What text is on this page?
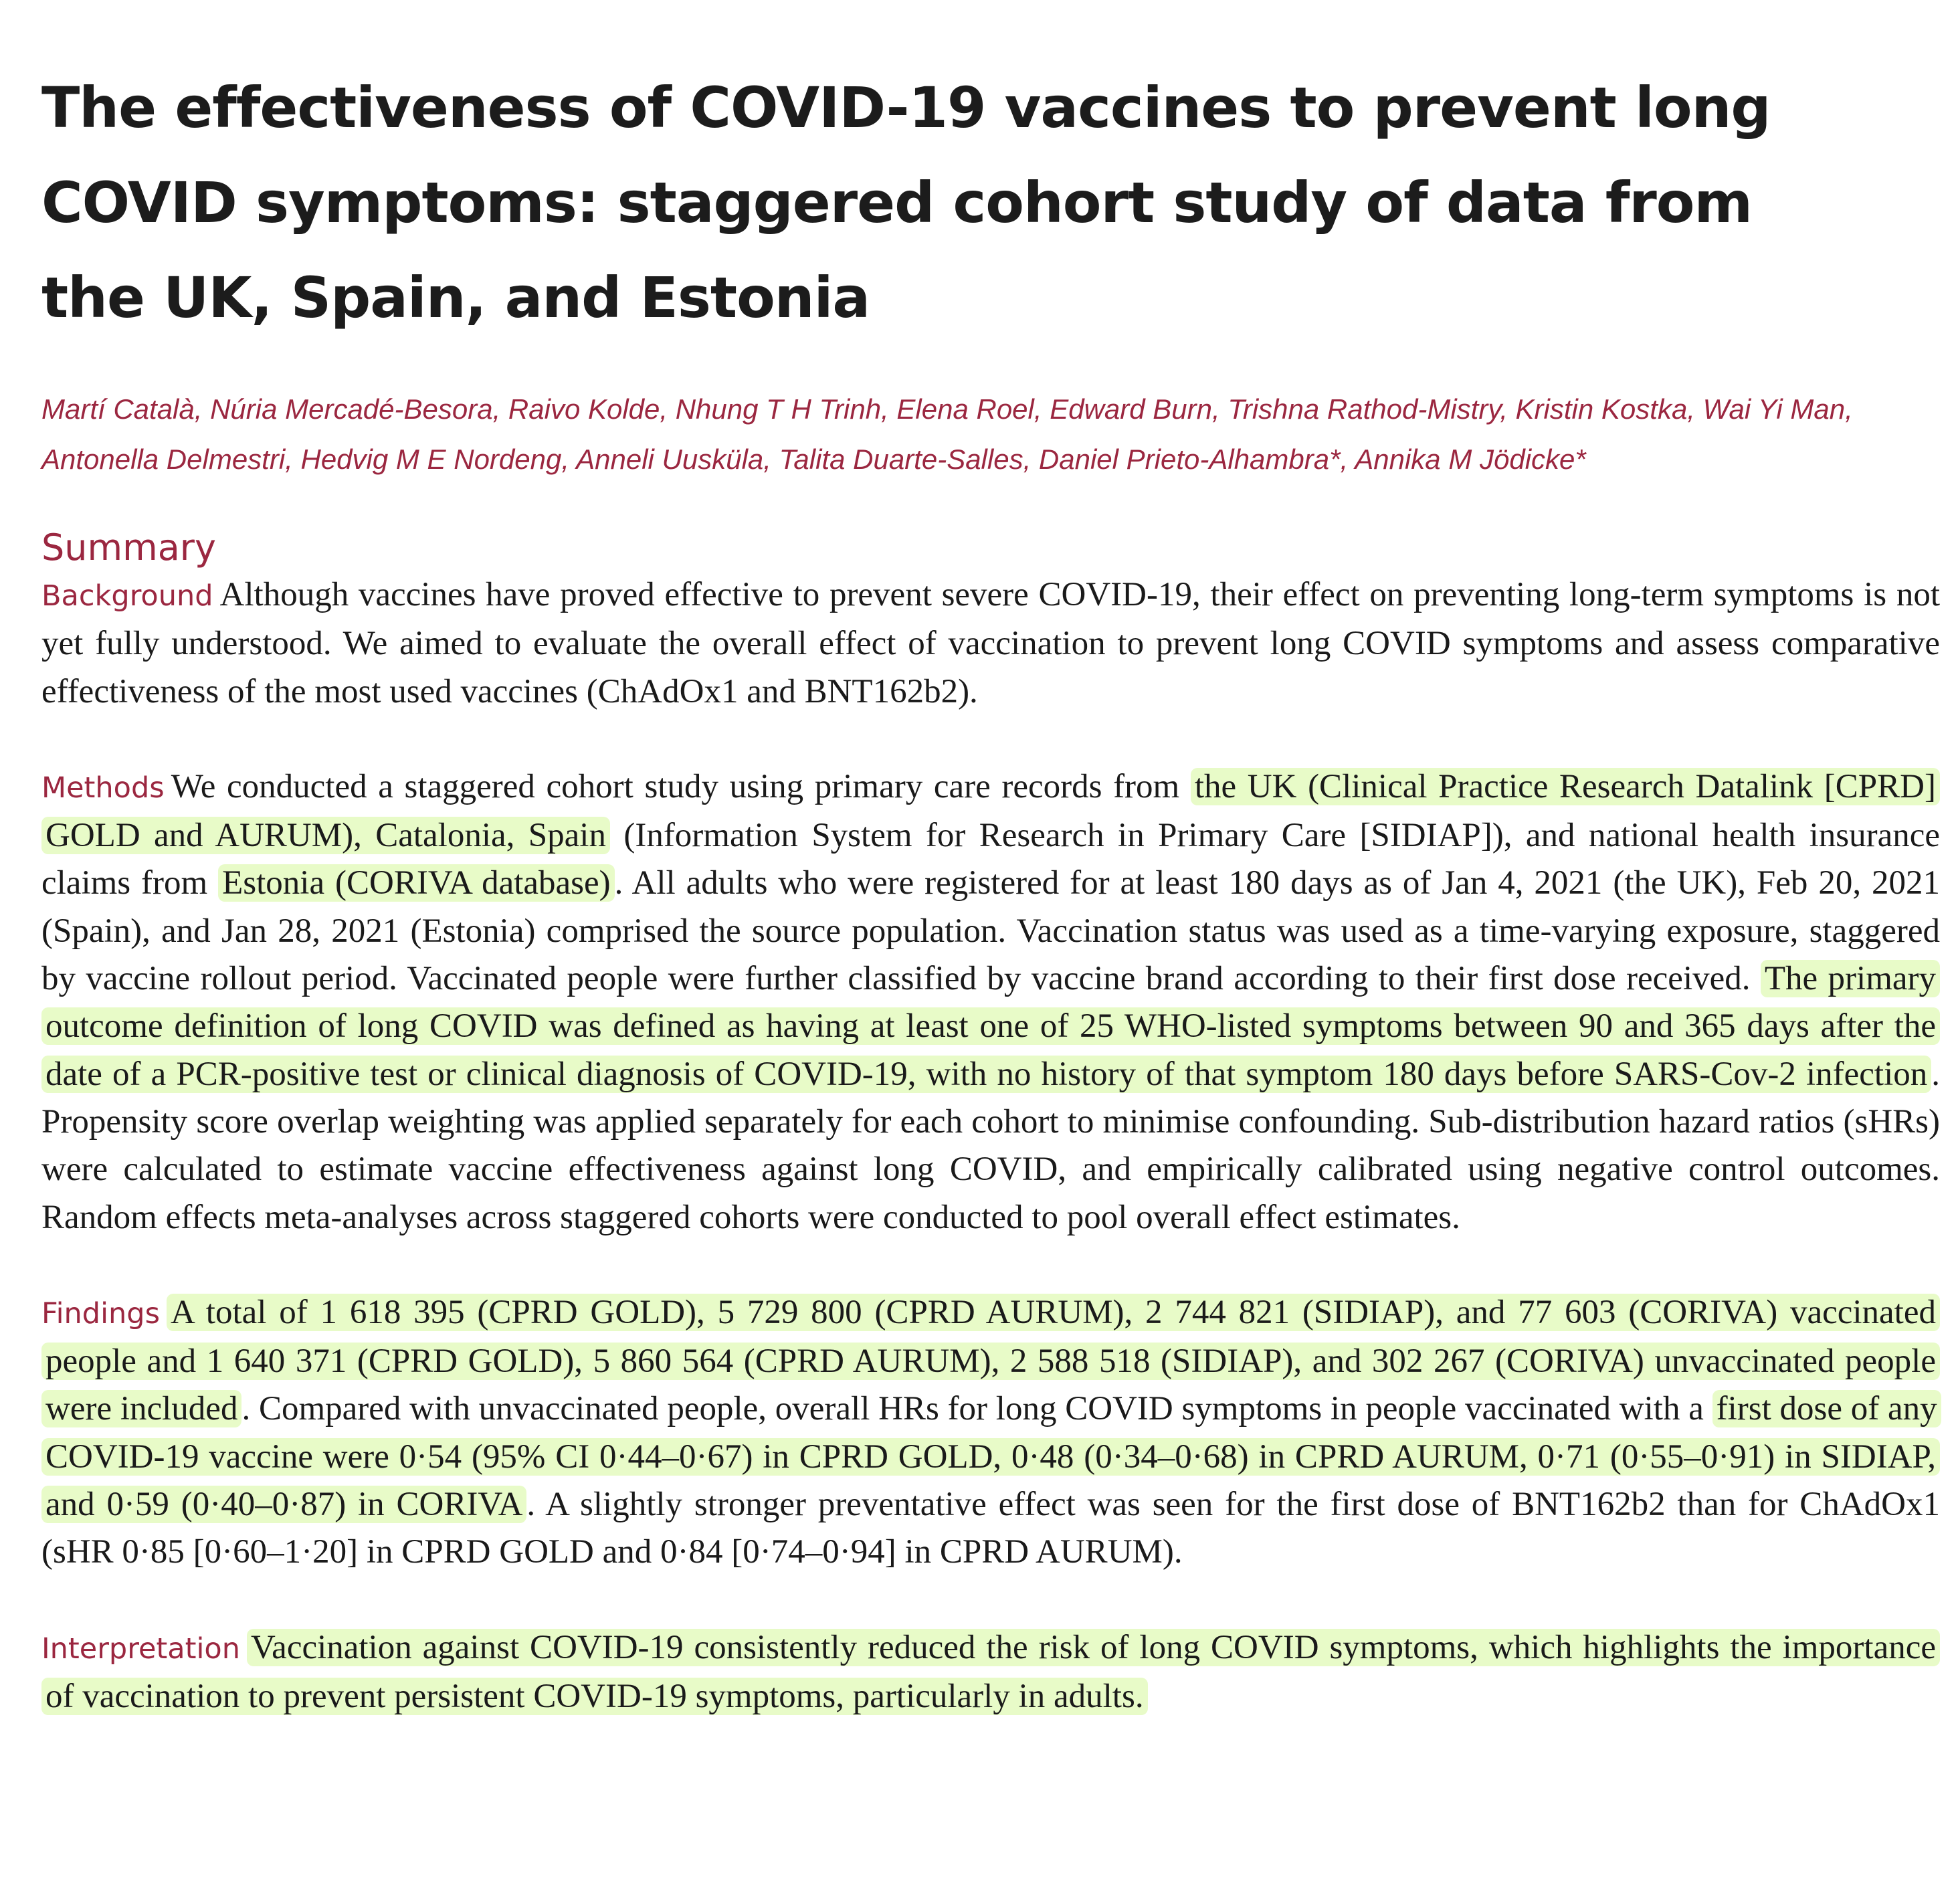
The effectiveness of COVID-19 vaccines to prevent long COVID symptoms: staggered cohort study of data from the UK, Spain, and Estonia
Martí Català, Núria Mercadé-Besora, Raivo Kolde, Nhung T H Trinh, Elena Roel, Edward Burn, Trishna Rathod-Mistry, Kristin Kostka, Wai Yi Man, Antonella Delmestri, Hedvig M E Nordeng, Anneli Uusküla, Talita Duarte-Salles, Daniel Prieto-Alhambra*, Annika M Jödicke*
Summary

Background Although vaccines have proved effective to prevent severe COVID-19, their effect on preventing long-term symptoms is not yet fully understood. We aimed to evaluate the overall effect of vaccination to prevent long COVID symptoms and assess comparative effectiveness of the most used vaccines (ChAdOx1 and BNT162b2).

Methods We conducted a staggered cohort study using primary care records from the UK (Clinical Practice Research Datalink [CPRD] GOLD and AURUM), Catalonia, Spain (Information System for Research in Primary Care [SIDIAP]), and national health insurance claims from Estonia (CORIVA database) . All adults who were registered for at least 180 days as of Jan 4, 2021 (the UK), Feb 20, 2021 (Spain), and Jan 28, 2021 (Estonia) comprised the source population. Vaccination status was used as a time-varying exposure, staggered by vaccine rollout period. Vaccinated people were further classified by vaccine brand according to their first dose received. The primary outcome definition of long COVID was defined as having at least one of 25 WHO-listed symptoms between 90 and 365 days after the date of a PCR-positive test or clinical diagnosis of COVID-19, with no history of that symptom 180 days before SARS-Cov-2 infection . Propensity score overlap weighting was applied separately for each cohort to minimise confounding. Sub-distribution hazard ratios (sHRs) were calculated to estimate vaccine effectiveness against long COVID, and empirically calibrated using negative control outcomes. Random effects meta-analyses across staggered cohorts were conducted to pool overall effect estimates.

Findings A total of 1 618 395 (CPRD GOLD), 5 729 800 (CPRD AURUM), 2 744 821 (SIDIAP), and 77 603 (CORIVA) vaccinated people and 1 640 371 (CPRD GOLD), 5 860 564 (CPRD AURUM), 2 588 518 (SIDIAP), and 302 267 (CORIVA) unvaccinated people were included . Compared with unvaccinated people, overall HRs for long COVID symptoms in people vaccinated with a first dose of any COVID-19 vaccine were 0·54 (95% CI 0·44–0·67) in CPRD GOLD, 0·48 (0·34–0·68) in CPRD AURUM, 0·71 (0·55–0·91) in SIDIAP, and 0·59 (0·40–0·87) in CORIVA . A slightly stronger preventative effect was seen for the first dose of BNT162b2 than for ChAdOx1 (sHR 0·85 [0·60–1·20] in CPRD GOLD and 0·84 [0·74–0·94] in CPRD AURUM).

Interpretation Vaccination against COVID-19 consistently reduced the risk of long COVID symptoms, which highlights the importance of vaccination to prevent persistent COVID-19 symptoms, particularly in adults.
